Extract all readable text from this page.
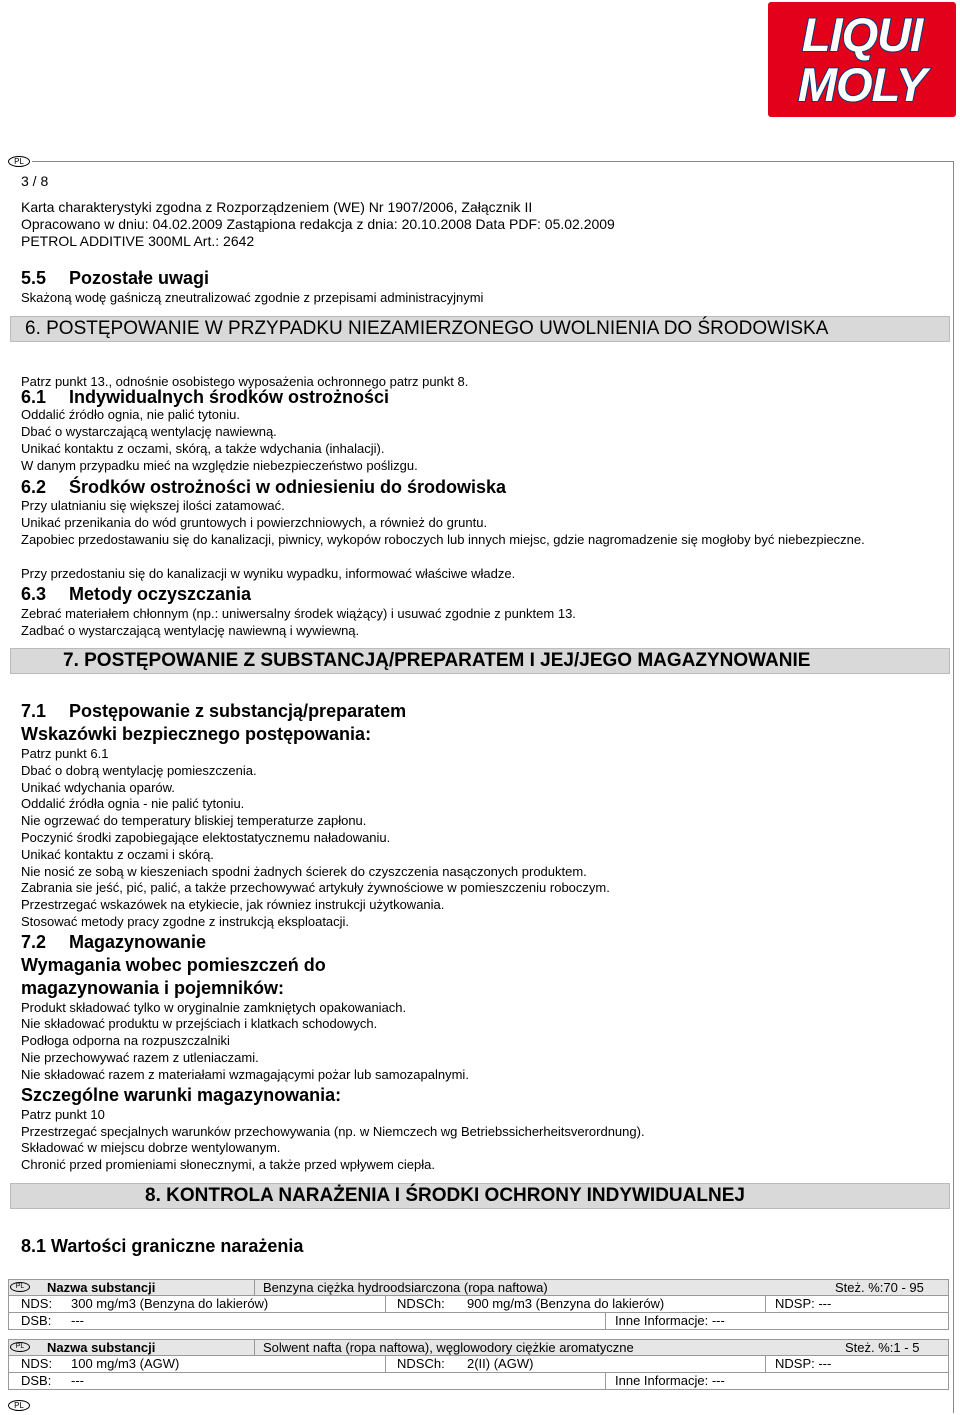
LIQUI
MOLY
PL
3 / 8
Karta charakterystyki zgodna z Rozporządzeniem (WE) Nr 1907/2006, Załącznik II
Opracowano w dniu: 04.02.2009 Zastąpiona redakcja z dnia: 20.10.2008 Data PDF: 05.02.2009
PETROL ADDITIVE 300ML Art.: 2642
5.5 Pozostałe uwagi
Skażoną wodę gaśniczą zneutralizować zgodnie z przepisami administracyjnymi
6. POSTĘPOWANIE W PRZYPADKU NIEZAMIERZONEGO UWOLNIENIA DO ŚRODOWISKA
Patrz punkt 13., odnośnie osobistego wyposażenia ochronnego patrz punkt 8.
6.1 Indywidualnych środków ostrożności
Oddalić źródło ognia, nie palić tytoniu.
Dbać o wystarczającą wentylację nawiewną.
Unikać kontaktu z oczami, skórą, a także wdychania (inhalacji).
W danym przypadku mieć na względzie niebezpieczeństwo poślizgu.
6.2 Środków ostrożności w odniesieniu do środowiska
Przy ulatnianiu się większej ilości zatamować.
Unikać przenikania do wód gruntowych i powierzchniowych, a również do gruntu.
Zapobiec przedostawaniu się do kanalizacji, piwnicy, wykopów roboczych lub innych miejsc, gdzie nagromadzenie się mogłoby być niebezpieczne.
Przy przedostaniu się do kanalizacji w wyniku wypadku, informować właściwe władze.
6.3 Metody oczyszczania
Zebrać materiałem chłonnym (np.: uniwersalny środek wiążący) i usuwać zgodnie z punktem 13.
Zadbać o wystarczającą wentylację nawiewną i wywiewną.
7. POSTĘPOWANIE Z SUBSTANCJĄ/PREPARATEM I JEJ/JEGO MAGAZYNOWANIE
7.1 Postępowanie z substancją/preparatem
Wskazówki bezpiecznego postępowania:
Patrz punkt 6.1
Dbać o dobrą wentylację pomieszczenia.
Unikać wdychania oparów.
Oddalić źródła ognia - nie palić tytoniu.
Nie ogrzewać do temperatury bliskiej temperaturze zapłonu.
Poczynić środki zapobiegające elektostatycznemu naładowaniu.
Unikać kontaktu z oczami i skórą.
Nie nosić ze sobą w kieszeniach spodni żadnych ścierek do czyszczenia nasączonych produktem.
Zabrania sie jeść, pić, palić, a także przechowywać artykuły żywnościowe w pomieszczeniu roboczym.
Przestrzegać wskazówek na etykiecie, jak równiez instrukcji użytkowania.
Stosować metody pracy zgodne z instrukcją eksploatacji.
7.2 Magazynowanie
Wymagania wobec pomieszczeń do
magazynowania i pojemników:
Produkt składować tylko w oryginalnie zamkniętych opakowaniach.
Nie składować produktu w przejściach i klatkach schodowych.
Podłoga odporna na rozpuszczalniki
Nie przechowywać razem z utleniaczami.
Nie składować razem z materiałami wzmagającymi pożar lub samozapalnymi.
Szczególne warunki magazynowania:
Patrz punkt 10
Przestrzegać specjalnych warunków przechowywania (np. w Niemczech wg Betriebssicherheitsverordnung).
Składować w miejscu dobrze wentylowanym.
Chronić przed promieniami słonecznymi, a także przed wpływem ciepła.
8. KONTROLA NARAŻENIA I ŚRODKI OCHRONY INDYWIDUALNEJ
8.1 Wartości graniczne narażenia
PL	Nazwa substancji	Benzyna ciężka hydroodsiarczona (ropa naftowa)	Steż. %:70 - 95
NDS: 300 mg/m3 (Benzyna do lakierów)	NDSCh: 900 mg/m3 (Benzyna do lakierów)	NDSP: ---
DSB: ---	Inne Informacje: ---
PL	Nazwa substancji	Solwent nafta (ropa naftowa), węglowodory ciężkie aromatyczne	Steż. %:1 - 5
NDS: 100 mg/m3 (AGW)	NDSCh: 2(II) (AGW)	NDSP: ---
DSB: ---	Inne Informacje: ---
PL
